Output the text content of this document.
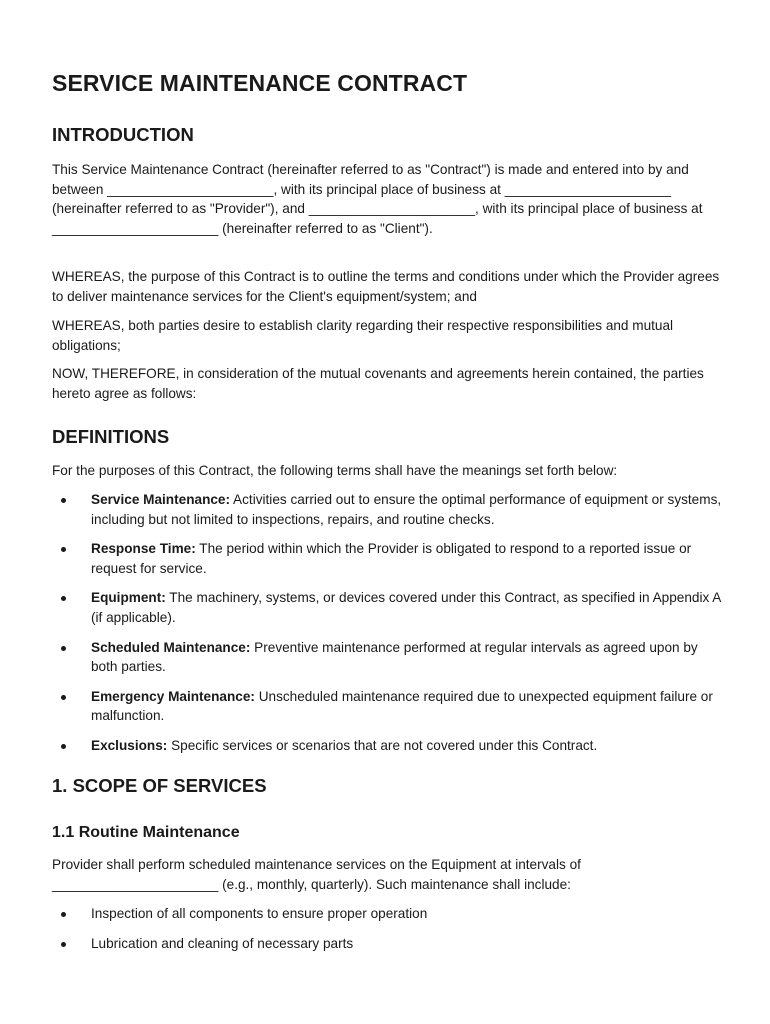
SERVICE MAINTENANCE CONTRACT
INTRODUCTION

This Service Maintenance Contract (hereinafter referred to as "Contract") is made and entered into by and between ______________________, with its principal place of business at ______________________ (hereinafter referred to as "Provider"), and ______________________, with its principal place of business at ______________________ (hereinafter referred to as "Client").

WHEREAS, the purpose of this Contract is to outline the terms and conditions under which the Provider agrees to deliver maintenance services for the Client's equipment/system; and

WHEREAS, both parties desire to establish clarity regarding their respective responsibilities and mutual obligations;

NOW, THEREFORE, in consideration of the mutual covenants and agreements herein contained, the parties hereto agree as follows:

DEFINITIONS

For the purposes of this Contract, the following terms shall have the meanings set forth below:

Service Maintenance: Activities carried out to ensure the optimal performance of equipment or systems, including but not limited to inspections, repairs, and routine checks.
Response Time: The period within which the Provider is obligated to respond to a reported issue or request for service.
Equipment: The machinery, systems, or devices covered under this Contract, as specified in Appendix A (if applicable).
Scheduled Maintenance: Preventive maintenance performed at regular intervals as agreed upon by both parties.
Emergency Maintenance: Unscheduled maintenance required due to unexpected equipment failure or malfunction.
Exclusions: Specific services or scenarios that are not covered under this Contract.
1. SCOPE OF SERVICES
1.1 Routine Maintenance

Provider shall perform scheduled maintenance services on the Equipment at intervals of ______________________ (e.g., monthly, quarterly). Such maintenance shall include:

Inspection of all components to ensure proper operation
Lubrication and cleaning of necessary parts
